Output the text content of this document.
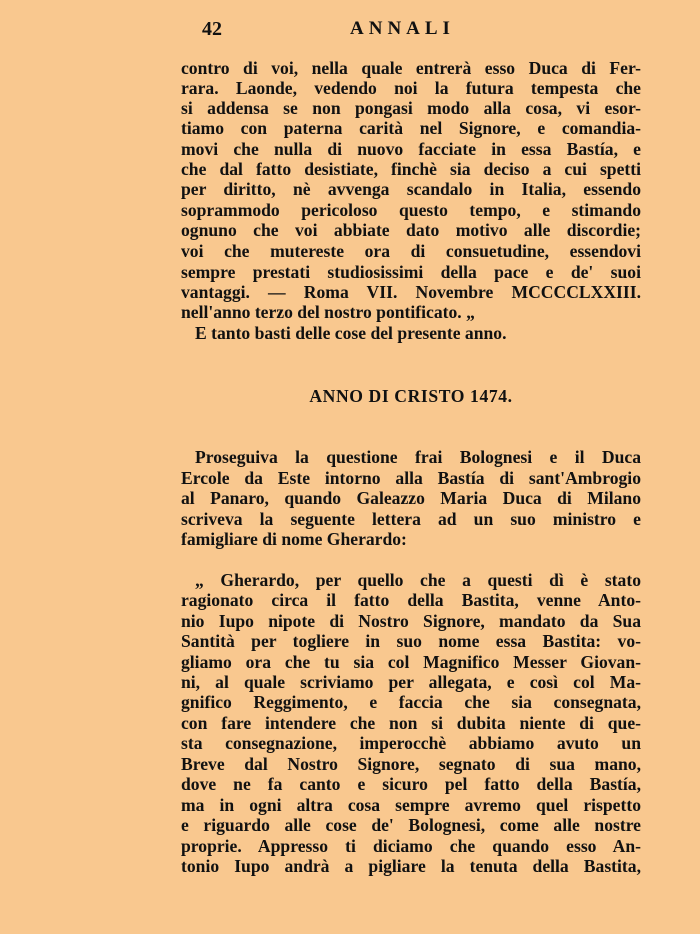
42	ANNALI
contro di voi, nella quale entrerà esso Duca di Fer-
rara. Laonde, vedendo noi la futura tempesta che
si addensa se non pongasi modo alla cosa, vi esor-
tiamo con paterna carità nel Signore, e comandia-
movi che nulla di nuovo facciate in essa Bastía, e
che dal fatto desistiate, finchè sia deciso a cui spetti
per diritto, nè avvenga scandalo in Italia, essendo
soprammodo pericoloso questo tempo, e stimando
ognuno che voi abbiate dato motivo alle discordie;
voi che mutereste ora di consuetudine, essendovi
sempre prestati studiosissimi della pace e de' suoi
vantaggi. — Roma VII. Novembre MCCCCLXXIII.
nell'anno terzo del nostro pontificato. „
E tanto basti delle cose del presente anno.
ANNO DI CRISTO 1474.
Proseguiva la questione frai Bolognesi e il Duca
Ercole da Este intorno alla Bastía di sant'Ambrogio
al Panaro, quando Galeazzo Maria Duca di Milano
scriveva la seguente lettera ad un suo ministro e
famigliare di nome Gherardo:
„ Gherardo, per quello che a questi dì è stato
ragionato circa il fatto della Bastita, venne Anto-
nio Iupo nipote di Nostro Signore, mandato da Sua
Santità per togliere in suo nome essa Bastita: vo-
gliamo ora che tu sia col Magnifico Messer Giovan-
ni, al quale scriviamo per allegata, e così col Ma-
gnifico Reggimento, e faccia che sia consegnata,
con fare intendere che non si dubita niente di que-
sta consegnazione, imperocchè abbiamo avuto un
Breve dal Nostro Signore, segnato di sua mano,
dove ne fa canto e sicuro pel fatto della Bastía,
ma in ogni altra cosa sempre avremo quel rispetto
e riguardo alle cose de' Bolognesi, come alle nostre
proprie. Appresso ti diciamo che quando esso An-
tonio Iupo andrà a pigliare la tenuta della Bastita,
